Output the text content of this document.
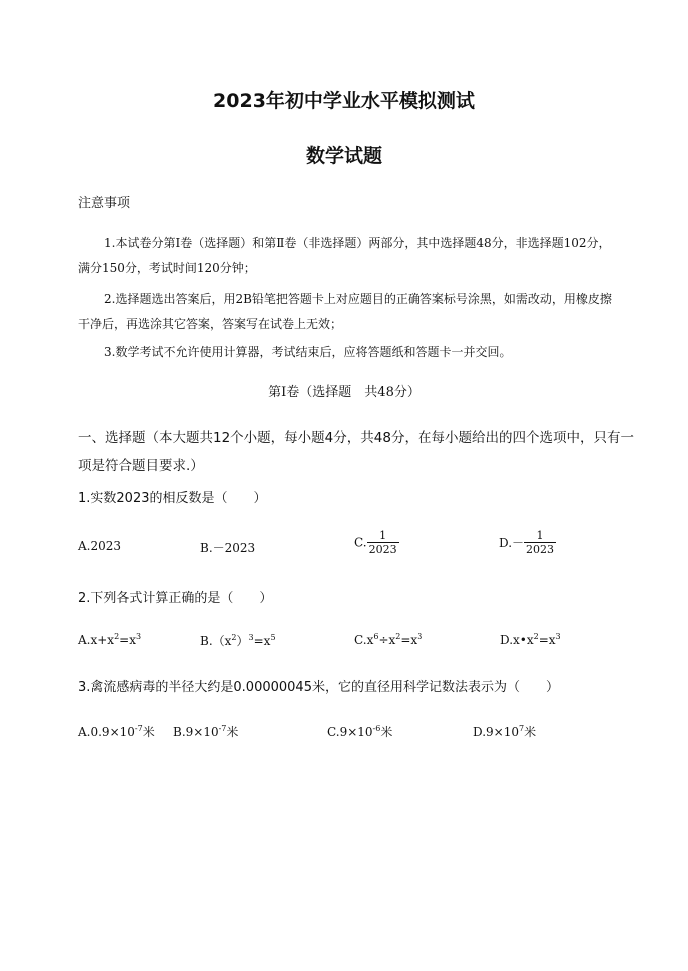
2023年初中学业水平模拟测试
数学试题
注意事项
1.本试卷分第Ⅰ卷（选择题）和第Ⅱ卷（非选择题）两部分，其中选择题48分，非选择题102分，满分150分，考试时间120分钟；
2.选择题选出答案后，用2B铅笔把答题卡上对应题目的正确答案标号涂黑，如需改动，用橡皮擦干净后，再选涂其它答案，答案写在试卷上无效；
3.数学考试不允许使用计算器，考试结束后，应将答题纸和答题卡一并交回。
第Ⅰ卷（选择题　共48分）
一、选择题（本大题共12个小题，每小题4分，共48分，在每小题给出的四个选项中，只有一项是符合题目要求.）
1.实数2023的相反数是（　　）
A.2023	B.－2023	C. $\frac{1}{2023}$	$D.- \frac{1}{2023}$
2.下列各式计算正确的是（　　）
$A.x+x^2=x^3$	$B.(x^2)^3=x^5$	$C.x^6\div x^2=x^3$	$D.x•x^2=x^3$
3.禽流感病毒的半径大约是0.00000045米，它的直径用科学记数法表示为（　　）
$A.0.9\times 10^{-7}$米 $B.9\times 10^{-7}$米	$C.9\times 10^{-6}$米	$D.9\times 10^7$米
